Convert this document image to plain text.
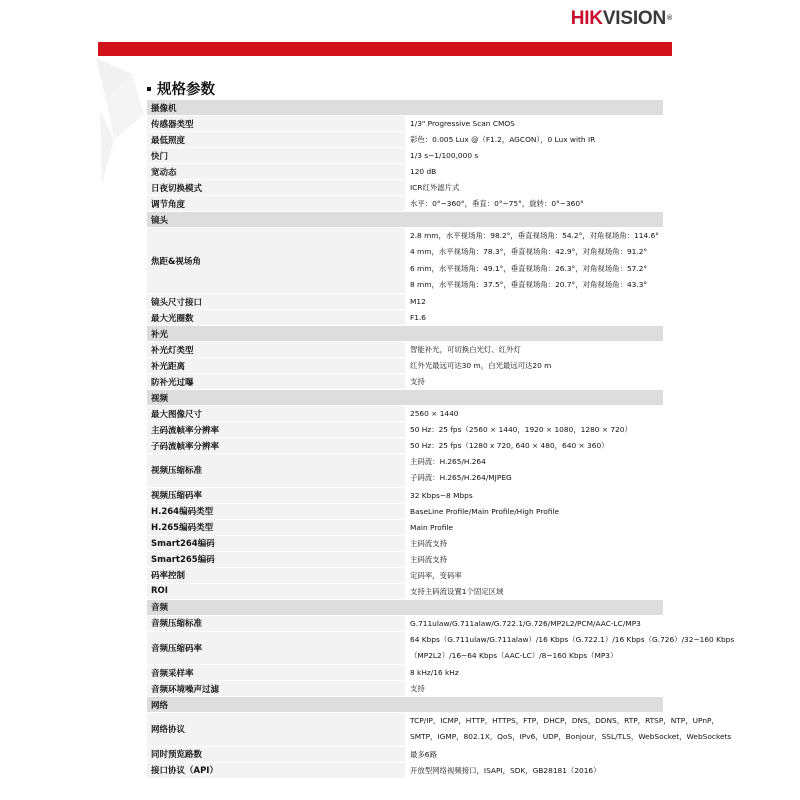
HIKVISION®
规格参数
摄像机	
传感器类型	1/3" Progressive Scan CMOS

最低照度	彩色：0.005 Lux @（F1.2，AGCON），0 Lux with IR

快门	1/3 s~1/100,000 s

宽动态	120 dB

日夜切换模式	ICR红外滤片式

调节角度	水平：0°~360°，垂直：0°~75°，旋转：0°~360°

镜头	
焦距&视场角	2.8 mm，水平视场角：98.2°，垂直视场角：54.2°，对角视场角：114.6°
4 mm，水平视场角：78.3°，垂直视场角：42.9°，对角视场角：91.2°
6 mm，水平视场角：49.1°，垂直视场角：26.3°，对角视场角：57.2°
8 mm，水平视场角：37.5°，垂直视场角：20.7°，对角视场角：43.3°

镜头尺寸接口	M12

最大光圈数	F1.6

补光	
补光灯类型	智能补光，可切换白光灯、红外灯

补光距离	红外光最远可达30 m，白光最远可达20 m

防补光过曝	支持

视频	
最大图像尺寸	2560 × 1440

主码流帧率分辨率	50 Hz：25 fps（2560 × 1440，1920 × 1080，1280 × 720）

子码流帧率分辨率	50 Hz：25 fps（1280 x 720, 640 × 480，640 × 360）

视频压缩标准	主码流：H.265/H.264
子码流：H.265/H.264/MJPEG

视频压缩码率	32 Kbps~8 Mbps

H.264编码类型	BaseLine Profile/Main Profile/High Profile

H.265编码类型	Main Profile

Smart264编码	主码流支持

Smart265编码	主码流支持

码率控制	定码率，变码率

ROI	支持主码流设置1个固定区域

音频	
音频压缩标准	G.711ulaw/G.711alaw/G.722.1/G.726/MP2L2/PCM/AAC-LC/MP3

音频压缩码率	64 Kbps（G.711ulaw/G.711alaw）/16 Kbps（G.722.1）/16 Kbps（G.726）/32~160 Kbps
（MP2L2）/16~64 Kbps（AAC-LC）/8~160 Kbps（MP3）

音频采样率	8 kHz/16 kHz

音频环境噪声过滤	支持

网络	
网络协议	TCP/IP，ICMP，HTTP，HTTPS，FTP，DHCP，DNS，DDNS，RTP，RTSP，NTP，UPnP，
SMTP，IGMP，802.1X，QoS，IPv6，UDP，Bonjour，SSL/TLS，WebSocket，WebSockets

同时预览路数	最多6路

接口协议（API）	开放型网络视频接口，ISAPI，SDK，GB28181（2016）
